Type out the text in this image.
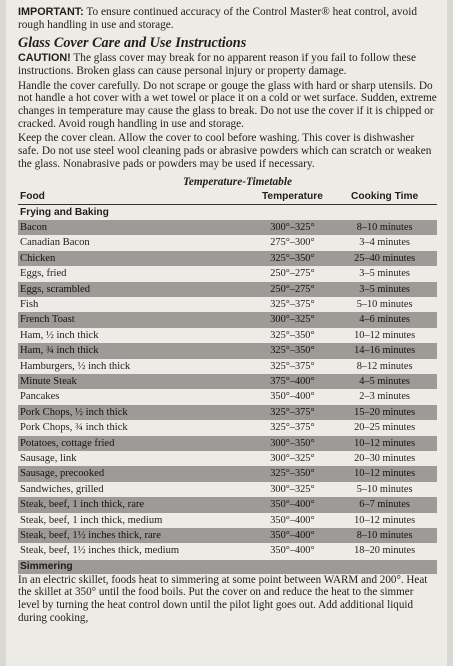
IMPORTANT: To ensure continued accuracy of the Control Master® heat control, avoid rough handling in use and storage.

Glass Cover Care and Use Instructions

CAUTION! The glass cover may break for no apparent reason if you fail to follow these instructions. Broken glass can cause personal injury or property damage.

Handle the cover carefully. Do not scrape or gouge the glass with hard or sharp utensils. Do not handle a hot cover with a wet towel or place it on a cold or wet surface. Sudden, extreme changes in temperature may cause the glass to break. Do not use the cover if it is chipped or cracked. Avoid rough handling in use and storage.

Keep the cover clean. Allow the cover to cool before washing. This cover is dishwasher safe. Do not use steel wool cleaning pads or abrasive powders which can scratch or weaken the glass. Nonabrasive pads or powders may be used if necessary.

Temperature-Timetable

Food	Temperature	Cooking Time
Frying and Baking		
Bacon	300°–325°	8–10 minutes
Canadian Bacon	275°–300°	3–4 minutes
Chicken	325°–350°	25–40 minutes
Eggs, fried	250°–275°	3–5 minutes
Eggs, scrambled	250°–275°	3–5 minutes
Fish	325°–375°	5–10 minutes
French Toast	300°–325°	4–6 minutes
Ham, ½ inch thick	325°–350°	10–12 minutes
Ham, ¾ inch thick	325°–350°	14–16 minutes
Hamburgers, ½ inch thick	325°–375°	8–12 minutes
Minute Steak	375°–400°	4–5 minutes
Pancakes	350°–400°	2–3 minutes
Pork Chops, ½ inch thick	325°–375°	15–20 minutes
Pork Chops, ¾ inch thick	325°–375°	20–25 minutes
Potatoes, cottage fried	300°–350°	10–12 minutes
Sausage, link	300°–325°	20–30 minutes
Sausage, precooked	325°–350°	10–12 minutes
Sandwiches, grilled	300°–325°	5–10 minutes
Steak, beef, 1 inch thick, rare	350°–400°	6–7 minutes
Steak, beef, 1 inch thick, medium	350°–400°	10–12 minutes
Steak, beef, 1½ inches thick, rare	350°–400°	8–10 minutes
Steak, beef, 1½ inches thick, medium	350°–400°	18–20 minutes
Simmering

In an electric skillet, foods heat to simmering at some point between WARM and 200°. Heat the skillet at 350° until the food boils. Put the cover on and reduce the heat to the simmer level by turning the heat control down until the pilot light goes out. Add additional liquid during cooking,
